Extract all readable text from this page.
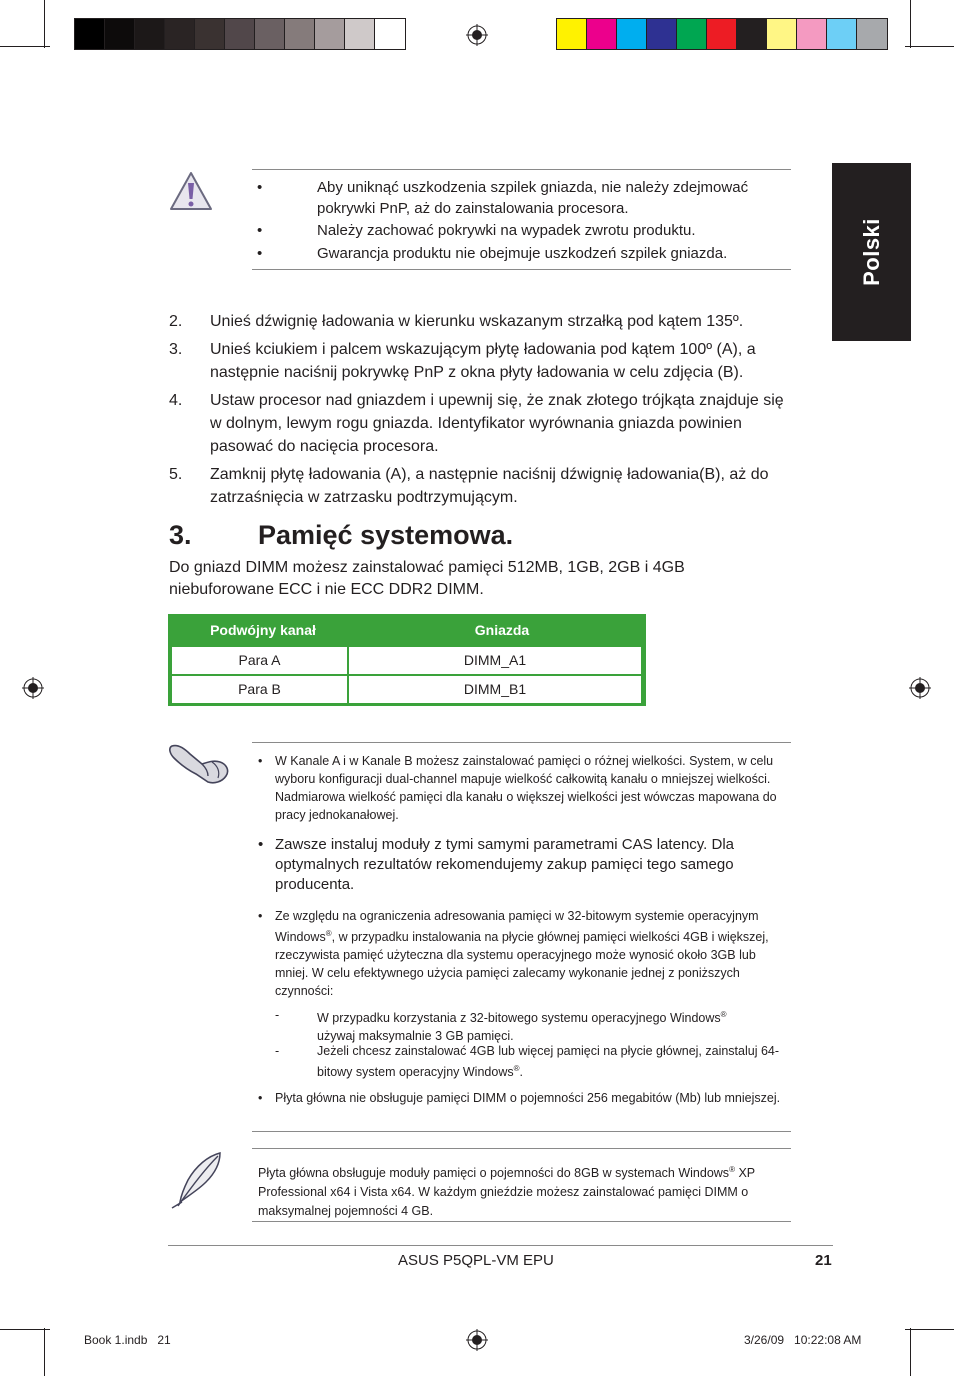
Polski
•	Aby uniknąć uszkodzenia szpilek gniazda, nie należy zdejmować pokrywki PnP, aż do zainstalowania procesora.
•	Należy zachować pokrywki na wypadek zwrotu produktu.
•	Gwarancja produktu nie obejmuje uszkodzeń szpilek gniazda.
2. Unieś dźwignię ładowania w kierunku wskazanym strzałką pod kątem 135º.
3. Unieś kciukiem i palcem wskazującym płytę ładowania pod kątem 100º (A), a następnie naciśnij pokrywkę PnP z okna płyty ładowania w celu zdjęcia (B).
4. Ustaw procesor nad gniazdem i upewnij się, że znak złotego trójkąta znajduje się w dolnym, lewym rogu gniazda. Identyfikator wyrównania gniazda powinien pasować do nacięcia procesora.
5. Zamknij płytę ładowania (A), a następnie naciśnij dźwignię ładowania(B), aż do zatrzaśnięcia w zatrzasku podtrzymującym.
3. Pamięć systemowa.
Do gniazd DIMM możesz zainstalować pamięci 512MB, 1GB, 2GB i 4GB niebuforowane ECC i nie ECC DDR2 DIMM.
Podwójny kanał	Gniazda
Para A	DIMM_A1
Para B	DIMM_B1
• W Kanale A i w Kanale B możesz zainstalować pamięci o różnej wielkości. System, w celu wyboru konfiguracji dual-channel mapuje wielkość całkowitą kanału o mniejszej wielkości. Nadmiarowa wielkość pamięci dla kanału o większej wielkości jest wówczas mapowana do pracy jednokanałowej.
• Zawsze instaluj moduły z tymi samymi parametrami CAS latency. Dla optymalnych rezultatów rekomendujemy zakup pamięci tego samego producenta.
• Ze względu na ograniczenia adresowania pamięci w 32-bitowym systemie operacyjnym Windows®, w przypadku instalowania na płycie głównej pamięci wielkości 4GB i większej, rzeczywista pamięć użyteczna dla systemu operacyjnego może wynosić około 3GB lub mniej. W celu efektywnego użycia pamięci zalecamy wykonanie jednej z poniższych czynności:
-	W przypadku korzystania z 32-bitowego systemu operacyjnego Windows®
używaj maksymalnie 3 GB pamięci.
-	Jeżeli chcesz zainstalować 4GB lub więcej pamięci na płycie głównej, zainstaluj 64-bitowy system operacyjny Windows®.
• Płyta główna nie obsługuje pamięci DIMM o pojemności 256 megabitów (Mb) lub mniejszej.
Płyta główna obsługuje moduły pamięci o pojemności do 8GB w systemach Windows® XP Professional x64 i Vista x64. W każdym gnieździe możesz zainstalować pamięci DIMM o maksymalnej pojemności 4 GB.
ASUS P5QPL-VM EPU	21
Book 1.indb   21	3/26/09   10:22:08 AM
